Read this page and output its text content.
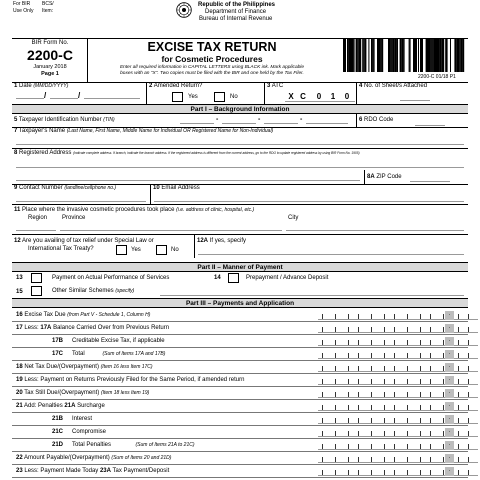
For BIR BCS/
Use Only Item:
Republic of the Philippines
Department of Finance
Bureau of Internal Revenue
BIR Form No.
2200-C
January 2018
Page 1
EXCISE TAX RETURN
for Cosmetic Procedures
Enter all required information in CAPITAL LETTERS using BLACK ink. Mark applicable
boxes with an "X". Two copies must be filed with the BIR and one held by the Tax Filer.
2200-C 01/18 P1
1 Date (MM/DD/YYYY)
/	/
2 Amended Return?
Yes	No
3 ATC
X C	0	1	0
4 No. of Sheet/s Attached
Part I – Background Information
5 Taxpayer Identification Number (TIN)	-	-	-	6 RDO Code
7 Taxpayer's Name (Last Name, First Name, Middle Name for Individual OR Registered Name for Non-Individual)
8 Registered Address (Indicate complete address. If branch, indicate the branch address. If the registered address is different from the current address, go to the RDO to update registered address by using BIR Form No. 1905)
8A ZIP Code
9 Contact Number (landline/cellphone no.)	10 Email Address
11 Place where the invasive cosmetic procedures took place (i.e. address of clinic, hospital, etc.)
Region Province	City
12 Are you availing of tax relief under Special Law or
International Tax Treaty?	Yes	No
12A If yes, specify
Part II – Manner of Payment
13	Payment on Actual Performance of Services	14	Prepayment / Advance Deposit
15	Other Similar Schemes (specify)
Part III – Payments and Application
16 Excise Tax Due (from Part V - Schedule 1, Column H)	·
17 Less: 17A Balance Carried Over from Previous Return	·
17B Creditable Excise Tax, if applicable	·
17C Total	(Sum of Items 17A and 17B)	·
18 Net Tax Due/(Overpayment) (Item 16 less Item 17C)	·
19 Less: Payment on Returns Previously Filed for the Same Period, if amended return	·
20 Tax Still Due/(Overpayment) (Item 18 less Item 19)	·
21 Add: Penalties 21A Surcharge	·
21B Interest	·
21C Compromise	·
21D Total Penalties	(Sum of Items 21A to 21C)	·
22 Amount Payable/(Overpayment) (Sum of Items 20 and 21D)	·
23 Less: Payment Made Today 23A Tax Payment/Deposit	·
